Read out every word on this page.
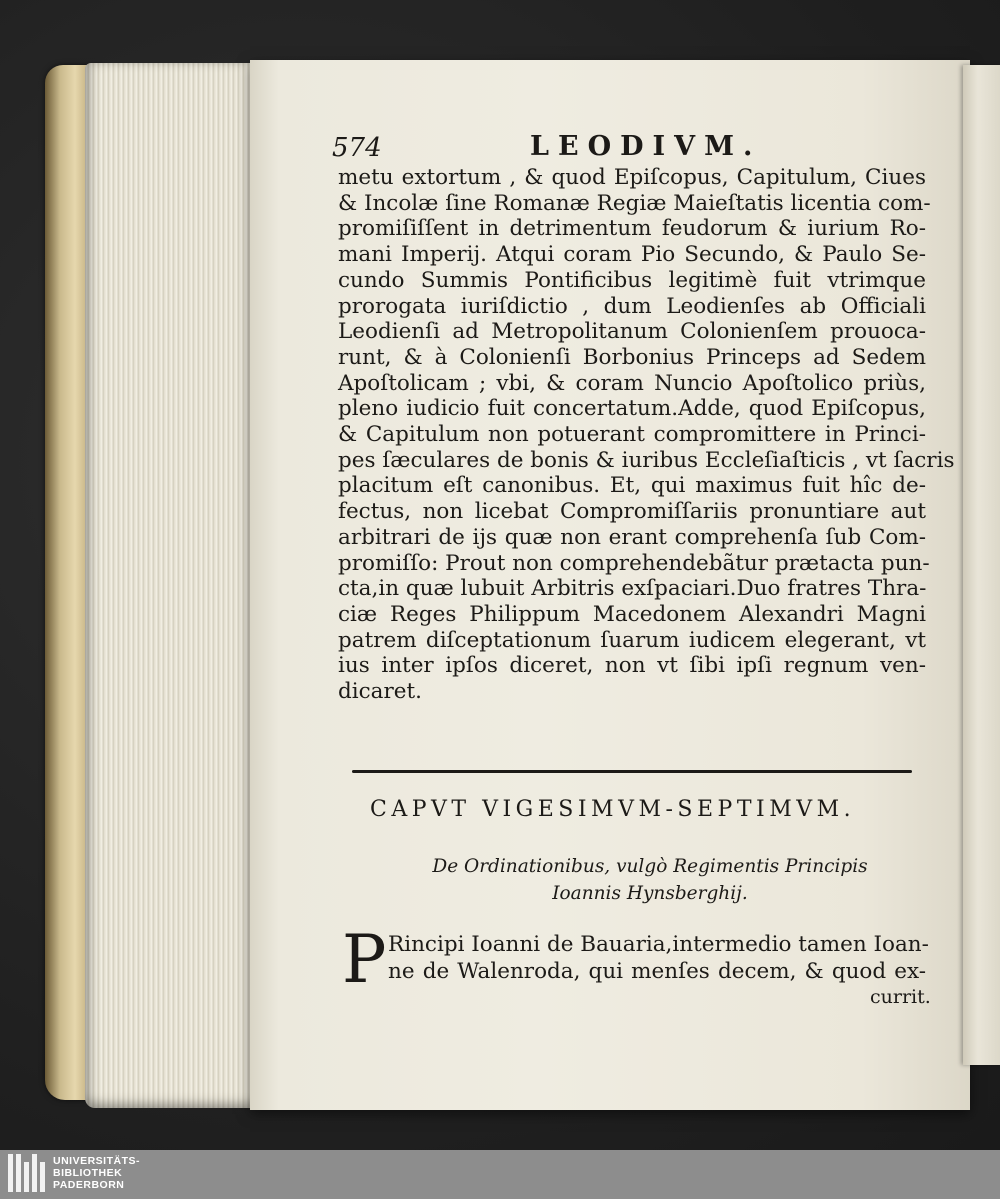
574	LEODIVM.
metu extortum , & quod Epiſcopus, Capitulum, Ciues
& Incolæ ſine Romanæ Regiæ Maieſtatis licentia com-
promiſiſſent in detrimentum feudorum & iurium Ro-
mani Imperij. Atqui coram Pio Secundo, & Paulo Se-
cundo Summis Pontificibus legitimè fuit vtrimque
prorogata iuriſdictio , dum Leodienſes ab Officiali
Leodienſi ad Metropolitanum Colonienſem prouoca-
runt, & à Colonienſi Borbonius Princeps ad Sedem
Apoſtolicam ; vbi, & coram Nuncio Apoſtolico priùs,
pleno iudicio fuit concertatum.Adde, quod Epiſcopus,
& Capitulum non potuerant compromittere in Princi-
pes ſæculares de bonis & iuribus Eccleſiaſticis , vt ſacris
placitum eſt canonibus. Et, qui maximus fuit hîc de-
fectus, non licebat Compromiſſariis pronuntiare aut
arbitrari de ijs quæ non erant comprehenſa ſub Com-
promiſſo: Prout non comprehendebãtur prætacta pun-
cta,in quæ lubuit Arbitris exſpaciari.Duo fratres Thra-
ciæ Reges Philippum Macedonem Alexandri Magni
patrem diſceptationum ſuarum iudicem elegerant, vt
ius inter ipſos diceret, non vt ſibi ipſi regnum ven-
dicaret.
CAPVT VIGESIMVM-SEPTIMVM.
De Ordinationibus, vulgò Regimentis Principis
Ioannis Hynsberghij.
P Rincipi Ioanni de Bauaria,intermedio tamen Ioan-
ne de Walenroda, qui menſes decem, & quod ex-
currit.
UNIVERSITÄTS-
BIBLIOTHEK
PADERBORN
